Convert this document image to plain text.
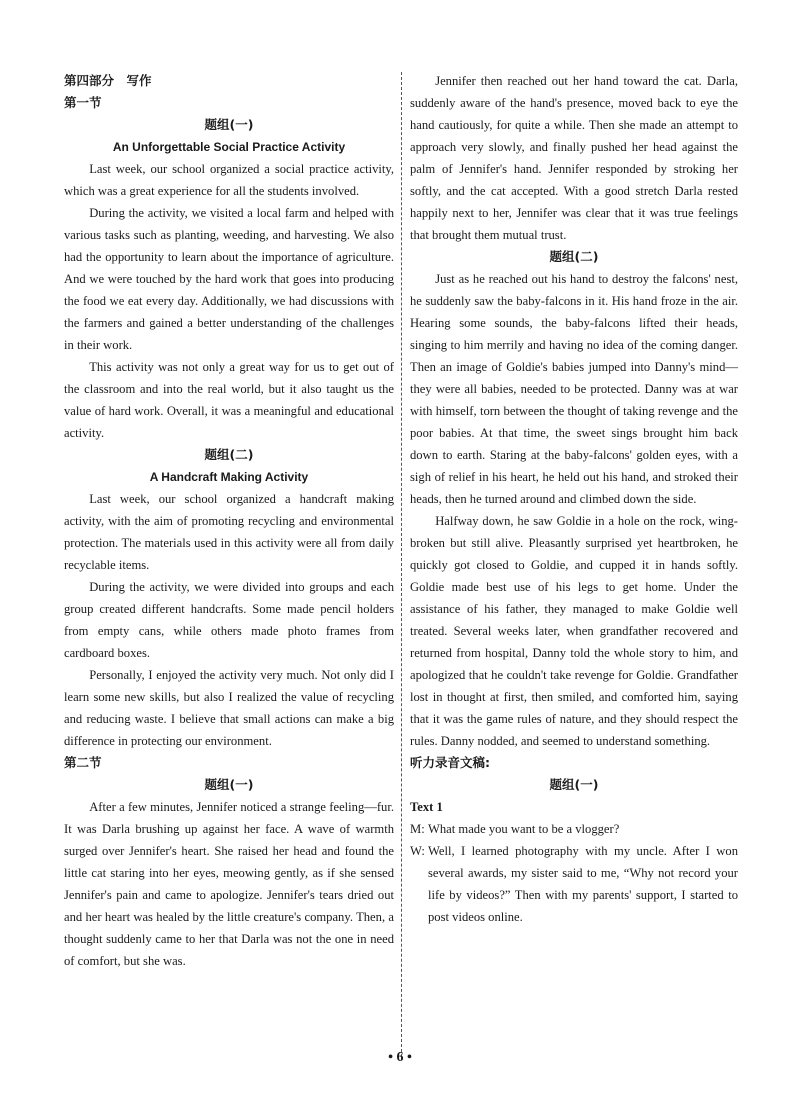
第四部分　写作
第一节
题组(一)
An Unforgettable Social Practice Activity

Last week, our school organized a social practice activity, which was a great experience for all the students involved.

During the activity, we visited a local farm and helped with various tasks such as planting, weeding, and harvesting. We also had the opportunity to learn about the importance of agriculture. And we were touched by the hard work that goes into producing the food we eat every day. Additionally, we had discussions with the farmers and gained a better understanding of the challenges in their work.

This activity was not only a great way for us to get out of the classroom and into the real world, but it also taught us the value of hard work. Overall, it was a meaningful and educational activity.

题组(二)
A Handcraft Making Activity

Last week, our school organized a handcraft making activity, with the aim of promoting recycling and environmental protection. The materials used in this activity were all from daily recyclable items.

During the activity, we were divided into groups and each group created different handcrafts. Some made pencil holders from empty cans, while others made photo frames from cardboard boxes.

Personally, I enjoyed the activity very much. Not only did I learn some new skills, but also I realized the value of recycling and reducing waste. I believe that small actions can make a big difference in protecting our environment.

第二节
题组(一)

After a few minutes, Jennifer noticed a strange feeling—fur. It was Darla brushing up against her face. A wave of warmth surged over Jennifer's heart. She raised her head and found the little cat staring into her eyes, meowing gently, as if she sensed Jennifer's pain and came to apologize. Jennifer's tears dried out and her heart was healed by the little creature's company. Then, a thought suddenly came to her that Darla was not the one in need of comfort, but she was.

Jennifer then reached out her hand toward the cat. Darla, suddenly aware of the hand's presence, moved back to eye the hand cautiously, for quite a while. Then she made an attempt to approach very slowly, and finally pushed her head against the palm of Jennifer's hand. Jennifer responded by stroking her softly, and the cat accepted. With a good stretch Darla rested happily next to her, Jennifer was clear that it was true feelings that brought them mutual trust.

题组(二)

Just as he reached out his hand to destroy the falcons' nest, he suddenly saw the baby-falcons in it. His hand froze in the air. Hearing some sounds, the baby-falcons lifted their heads, singing to him merrily and having no idea of the coming danger. Then an image of Goldie's babies jumped into Danny's mind—they were all babies, needed to be protected. Danny was at war with himself, torn between the thought of taking revenge and the poor babies. At that time, the sweet sings brought him back down to earth. Staring at the baby-falcons' golden eyes, with a sigh of relief in his heart, he held out his hand, and stroked their heads, then he turned around and climbed down the side.

Halfway down, he saw Goldie in a hole on the rock, wing-broken but still alive. Pleasantly surprised yet heartbroken, he quickly got closed to Goldie, and cupped it in hands softly. Goldie made best use of his legs to get home. Under the assistance of his father, they managed to make Goldie well treated. Several weeks later, when grandfather recovered and returned from hospital, Danny told the whole story to him, and apologized that he couldn't take revenge for Goldie. Grandfather lost in thought at first, then smiled, and comforted him, saying that it was the game rules of nature, and they should respect the rules. Danny nodded, and seemed to understand something.

听力录音文稿:
题组(一)
Text 1
M: What made you want to be a vlogger?
W: Well, I learned photography with my uncle. After I won several awards, my sister said to me, “Why not record your life by videos?” Then with my parents' support, I started to post videos online.
• 6 •
